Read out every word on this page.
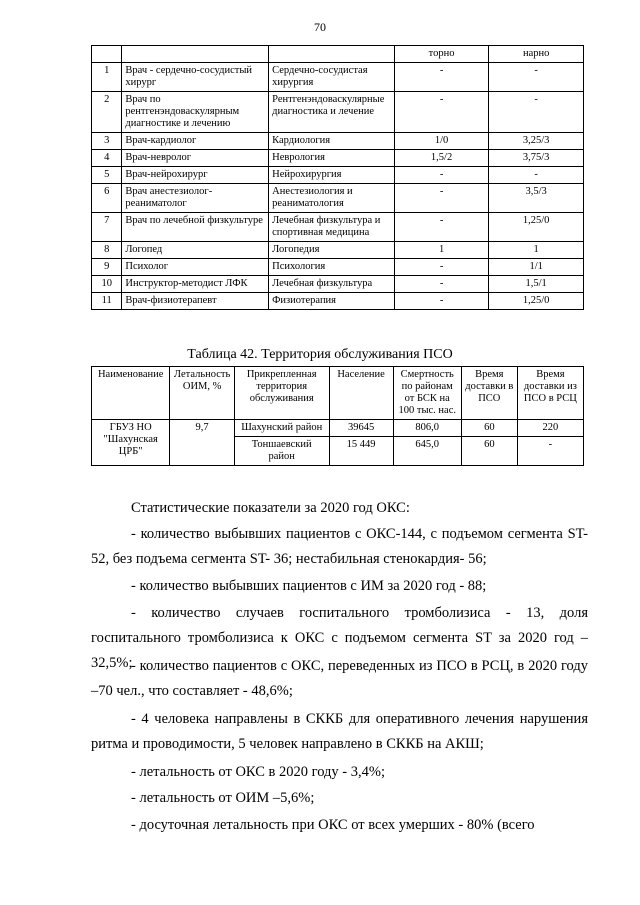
70
			торно	нарно
1	Врач - сердечно-сосудистый хирург	Сердечно-сосудистая хирургия	-	-
2	Врач по рентгенэндоваскулярным диагностике и лечению	Рентгенэндоваскулярные диагностика и лечение	-	-
3	Врач-кардиолог	Кардиология	1/0	3,25/3
4	Врач-невролог	Неврология	1,5/2	3,75/3
5	Врач-нейрохирург	Нейрохирургия	-	-
6	Врач анестезиолог-реаниматолог	Анестезиология и реаниматология	-	3,5/3
7	Врач по лечебной физкультуре	Лечебная физкультура и спортивная медицина	-	1,25/0
8	Логопед	Логопедия	1	1
9	Психолог	Психология	-	1/1
10	Инструктор-методист ЛФК	Лечебная физкультура	-	1,5/1
11	Врач-физиотерапевт	Физиотерапия	-	1,25/0
Таблица 42. Территория обслуживания ПСО
Наименование	Летальность ОИМ, %	Прикрепленная территория обслуживания	Население	Смертность по районам от БСК на 100 тыс. нас.	Время доставки в ПСО	Время доставки из ПСО в РСЦ
ГБУЗ НО "Шахунская ЦРБ"	9,7	Шахунский район	39645	806,0	60	220
		Тоншаевский район	15 449	645,0	60	-
Статистические показатели за 2020 год ОКС:
- количество выбывших пациентов с ОКС-144, с подъемом сегмента ST-52, без подъема сегмента ST- 36; нестабильная стенокардия- 56;
- количество выбывших пациентов с ИМ за 2020 год - 88;
- количество случаев госпитального тромболизиса - 13, доля госпитального тромболизиса к ОКС с подъемом сегмента ST за 2020 год –32,5%;
- количество пациентов с ОКС, переведенных из ПСО в РСЦ, в 2020 году –70 чел., что составляет - 48,6%;
- 4 человека направлены в СККБ для оперативного лечения нарушения ритма и проводимости, 5 человек направлено в СККБ на АКШ;
- летальность от ОКС в 2020 году - 3,4%;
- летальность от ОИМ –5,6%;
- досуточная летальность при ОКС от всех умерших - 80% (всего
